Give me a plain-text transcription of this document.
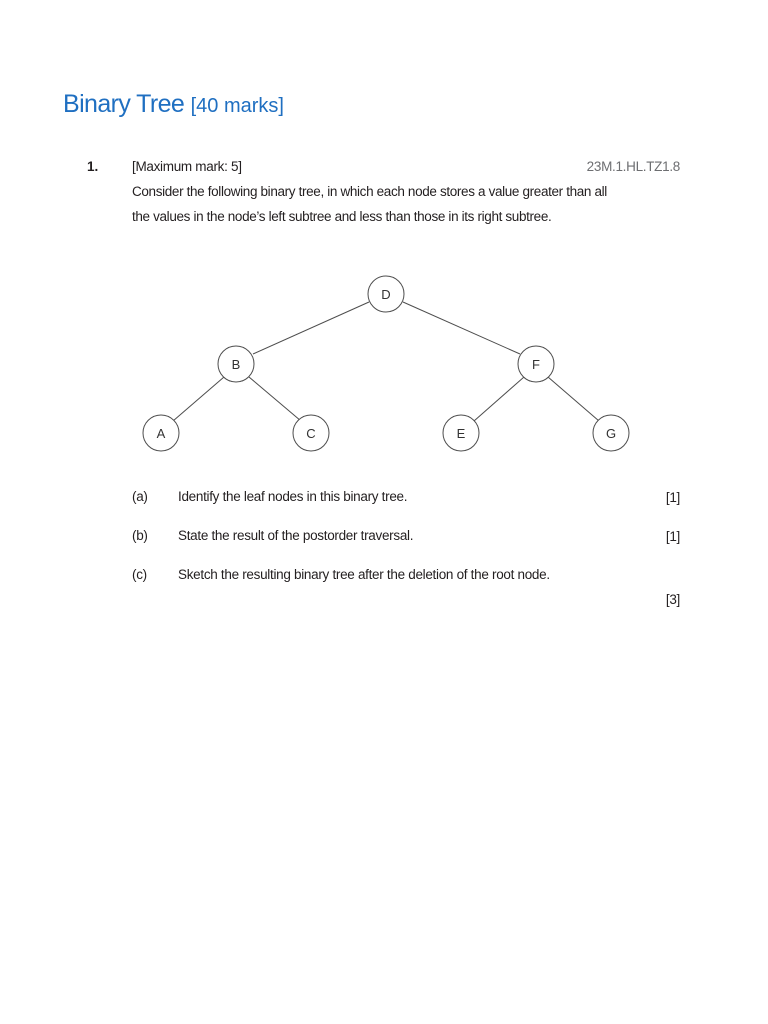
Binary Tree [40 marks]
1. [Maximum mark: 5]	23M.1.HL.TZ1.8
Consider the following binary tree, in which each node stores a value greater than all the values in the node’s left subtree and less than those in its right subtree.
D
B	F
A	C	E	G
(a) Identify the leaf nodes in this binary tree.	[1]
(b) State the result of the postorder traversal.	[1]
(c) Sketch the resulting binary tree after the deletion of the root node.
[3]
